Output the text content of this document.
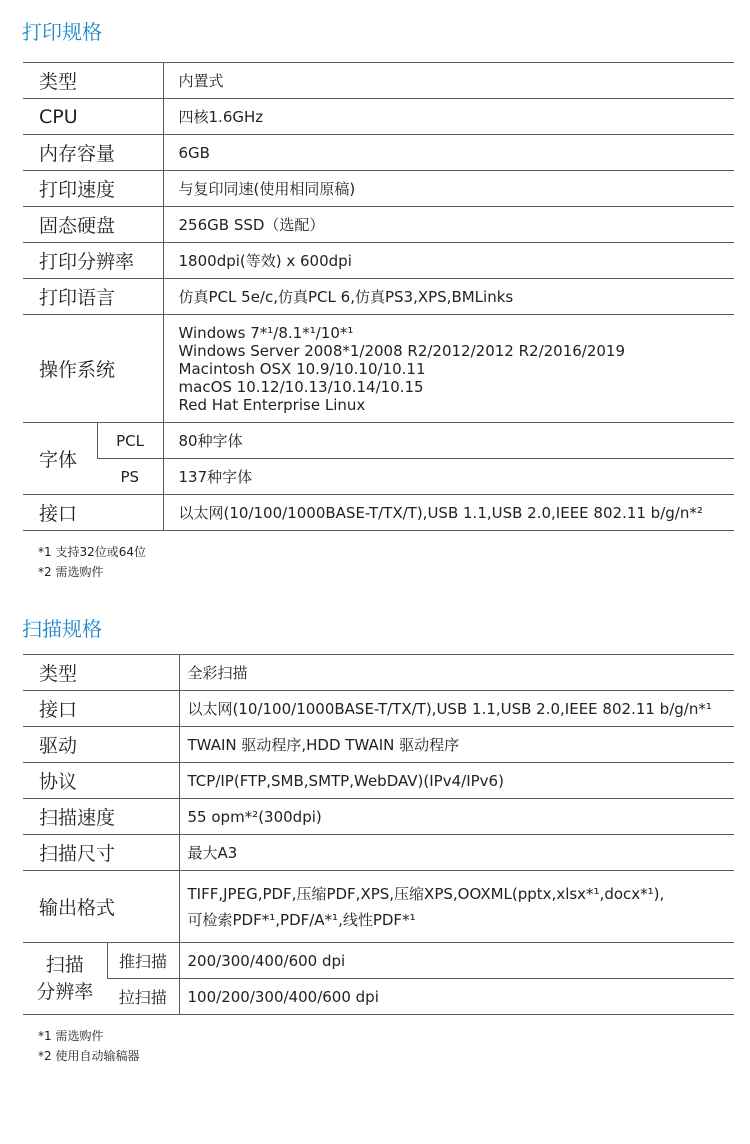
打印规格
类型		内置式
CPU		四核1.6GHz
内存容量		6GB
打印速度		与复印同速(使用相同原稿)
固态硬盘		256GB SSD（选配）
打印分辨率		1800dpi(等效) x 600dpi
打印语言		仿真PCL 5e/c,仿真PCL 6,仿真PS3,XPS,BMLinks
操作系统		Windows 7*¹/8.1*¹/10*¹
Windows Server 2008*1/2008 R2/2012/2012 R2/2016/2019
Macintosh OSX 10.9/10.10/10.11
macOS 10.12/10.13/10.14/10.15
Red Hat Enterprise Linux

字体	PCL	80种字体
	PS	137种字体
接口		以太网(10/100/1000BASE-T/TX/T),USB 1.1,USB 2.0,IEEE 802.11 b/g/n*²
*1 支持32位或64位
*2 需选购件
扫描规格
类型		全彩扫描
接口		以太网(10/100/1000BASE-T/TX/T),USB 1.1,USB 2.0,IEEE 802.11 b/g/n*¹
驱动		TWAIN 驱动程序,HDD TWAIN 驱动程序
协议		TCP/IP(FTP,SMB,SMTP,WebDAV)(IPv4/IPv6)
扫描速度		55 opm*²(300dpi)
扫描尺寸		最大A3
输出格式		TIFF,JPEG,PDF,压缩PDF,XPS,压缩XPS,OOXML(pptx,xlsx*¹,docx*¹),
可检索PDF*¹,PDF/A*¹,线性PDF*¹

扫描
分辨率	推扫描	200/300/400/600 dpi
	拉扫描	100/200/300/400/600 dpi
*1 需选购件
*2 使用自动输稿器
